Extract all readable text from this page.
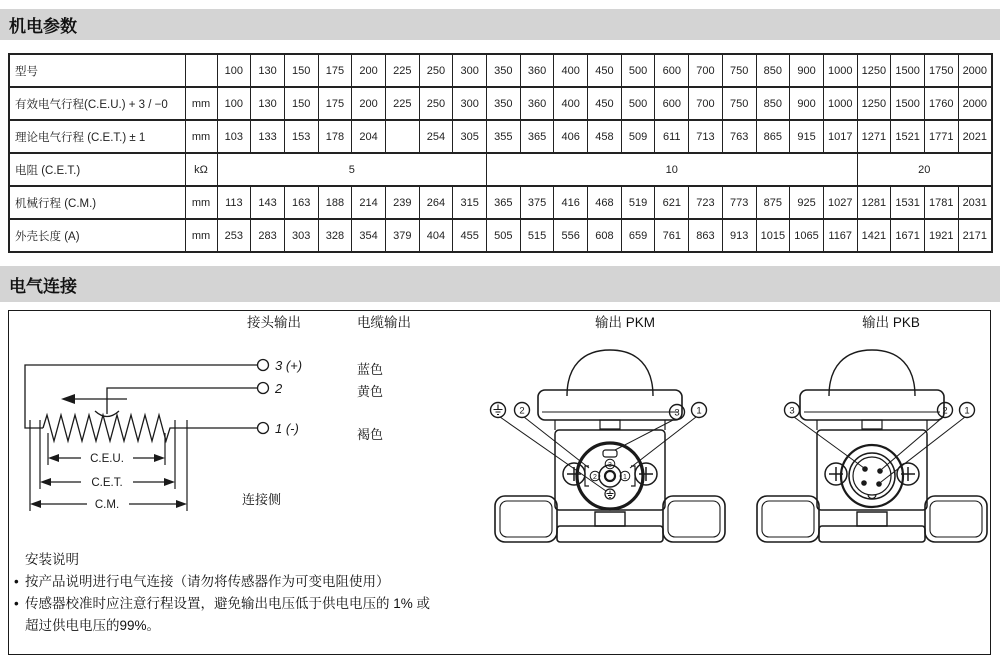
机电参数
型号		100	130	150	175	200	225	250	300	350	360	400	450	500	600	700	750	850	900	1000	1250	1500	1750	2000
有效电气行程(C.E.U.) + 3 / −0	mm	100	130	150	175	200	225	250	300	350	360	400	450	500	600	700	750	850	900	1000	1250	1500	1760	2000
理论电气行程 (C.E.T.) ± 1	mm	103	133	153	178	204		254	305	355	365	406	458	509	611	713	763	865	915	1017	1271	1521	1771	2021
电阻 (C.E.T.)	kΩ	5								10											20			
机械行程 (C.M.)	mm	113	143	163	188	214	239	264	315	365	375	416	468	519	621	723	773	875	925	1027	1281	1531	1781	2031
外壳长度 (A)	mm	253	283	303	328	354	379	404	455	505	515	556	608	659	761	863	913	1015	1065	1167	1421	1671	1921	2171
电气连接
接头输出	电缆输出	输出 PKM	输出 PKB
3 (+)
2
1 (-)
C.E.U.
C.E.T.
C.M.
蓝色
黄色
褐色
连接侧
3
2	1
2	3 1	3	2 1
安装说明
• 按产品说明进行电气连接（请勿将传感器作为可变电阻使用）
• 传感器校准时应注意行程设置，避免输出电压低于供电电压的 1% 或
超过供电电压的99%。
